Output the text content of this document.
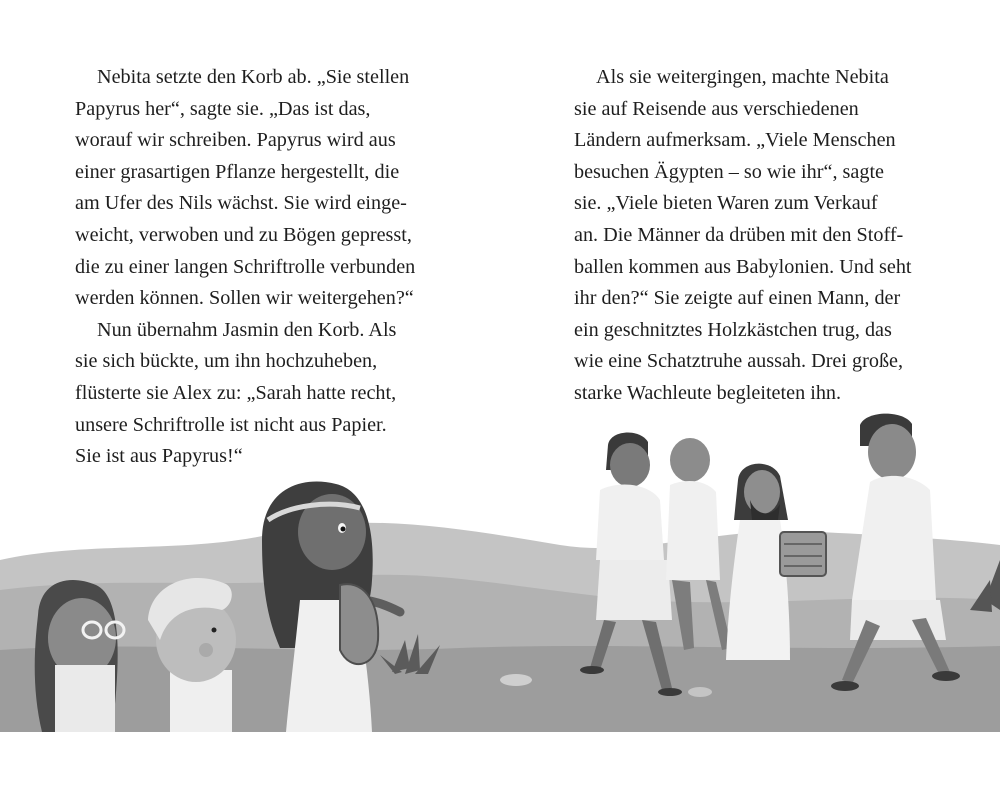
Nebita setzte den Korb ab. „Sie stellen
Papyrus her“, sagte sie. „Das ist das,
worauf wir schreiben. Papyrus wird aus
einer grasartigen Pflanze hergestellt, die
am Ufer des Nils wächst. Sie wird einge-
weicht, verwoben und zu Bögen gepresst,
die zu einer langen Schriftrolle verbunden
werden können. Sollen wir weitergehen?“
Nun übernahm Jasmin den Korb. Als
sie sich bückte, um ihn hochzuheben,
flüsterte sie Alex zu: „Sarah hatte recht,
unsere Schriftrolle ist nicht aus Papier.
Sie ist aus Papyrus!“
Als sie weitergingen, machte Nebita
sie auf Reisende aus verschiedenen
Ländern aufmerksam. „Viele Menschen
besuchen Ägypten – so wie ihr“, sagte
sie. „Viele bieten Waren zum Verkauf
an. Die Männer da drüben mit den Stoff-
ballen kommen aus Babylonien. Und seht
ihr den?“ Sie zeigte auf einen Mann, der
ein geschnitztes Holzkästchen trug, das
wie eine Schatztruhe aussah. Drei große,
starke Wachleute begleiteten ihn.
